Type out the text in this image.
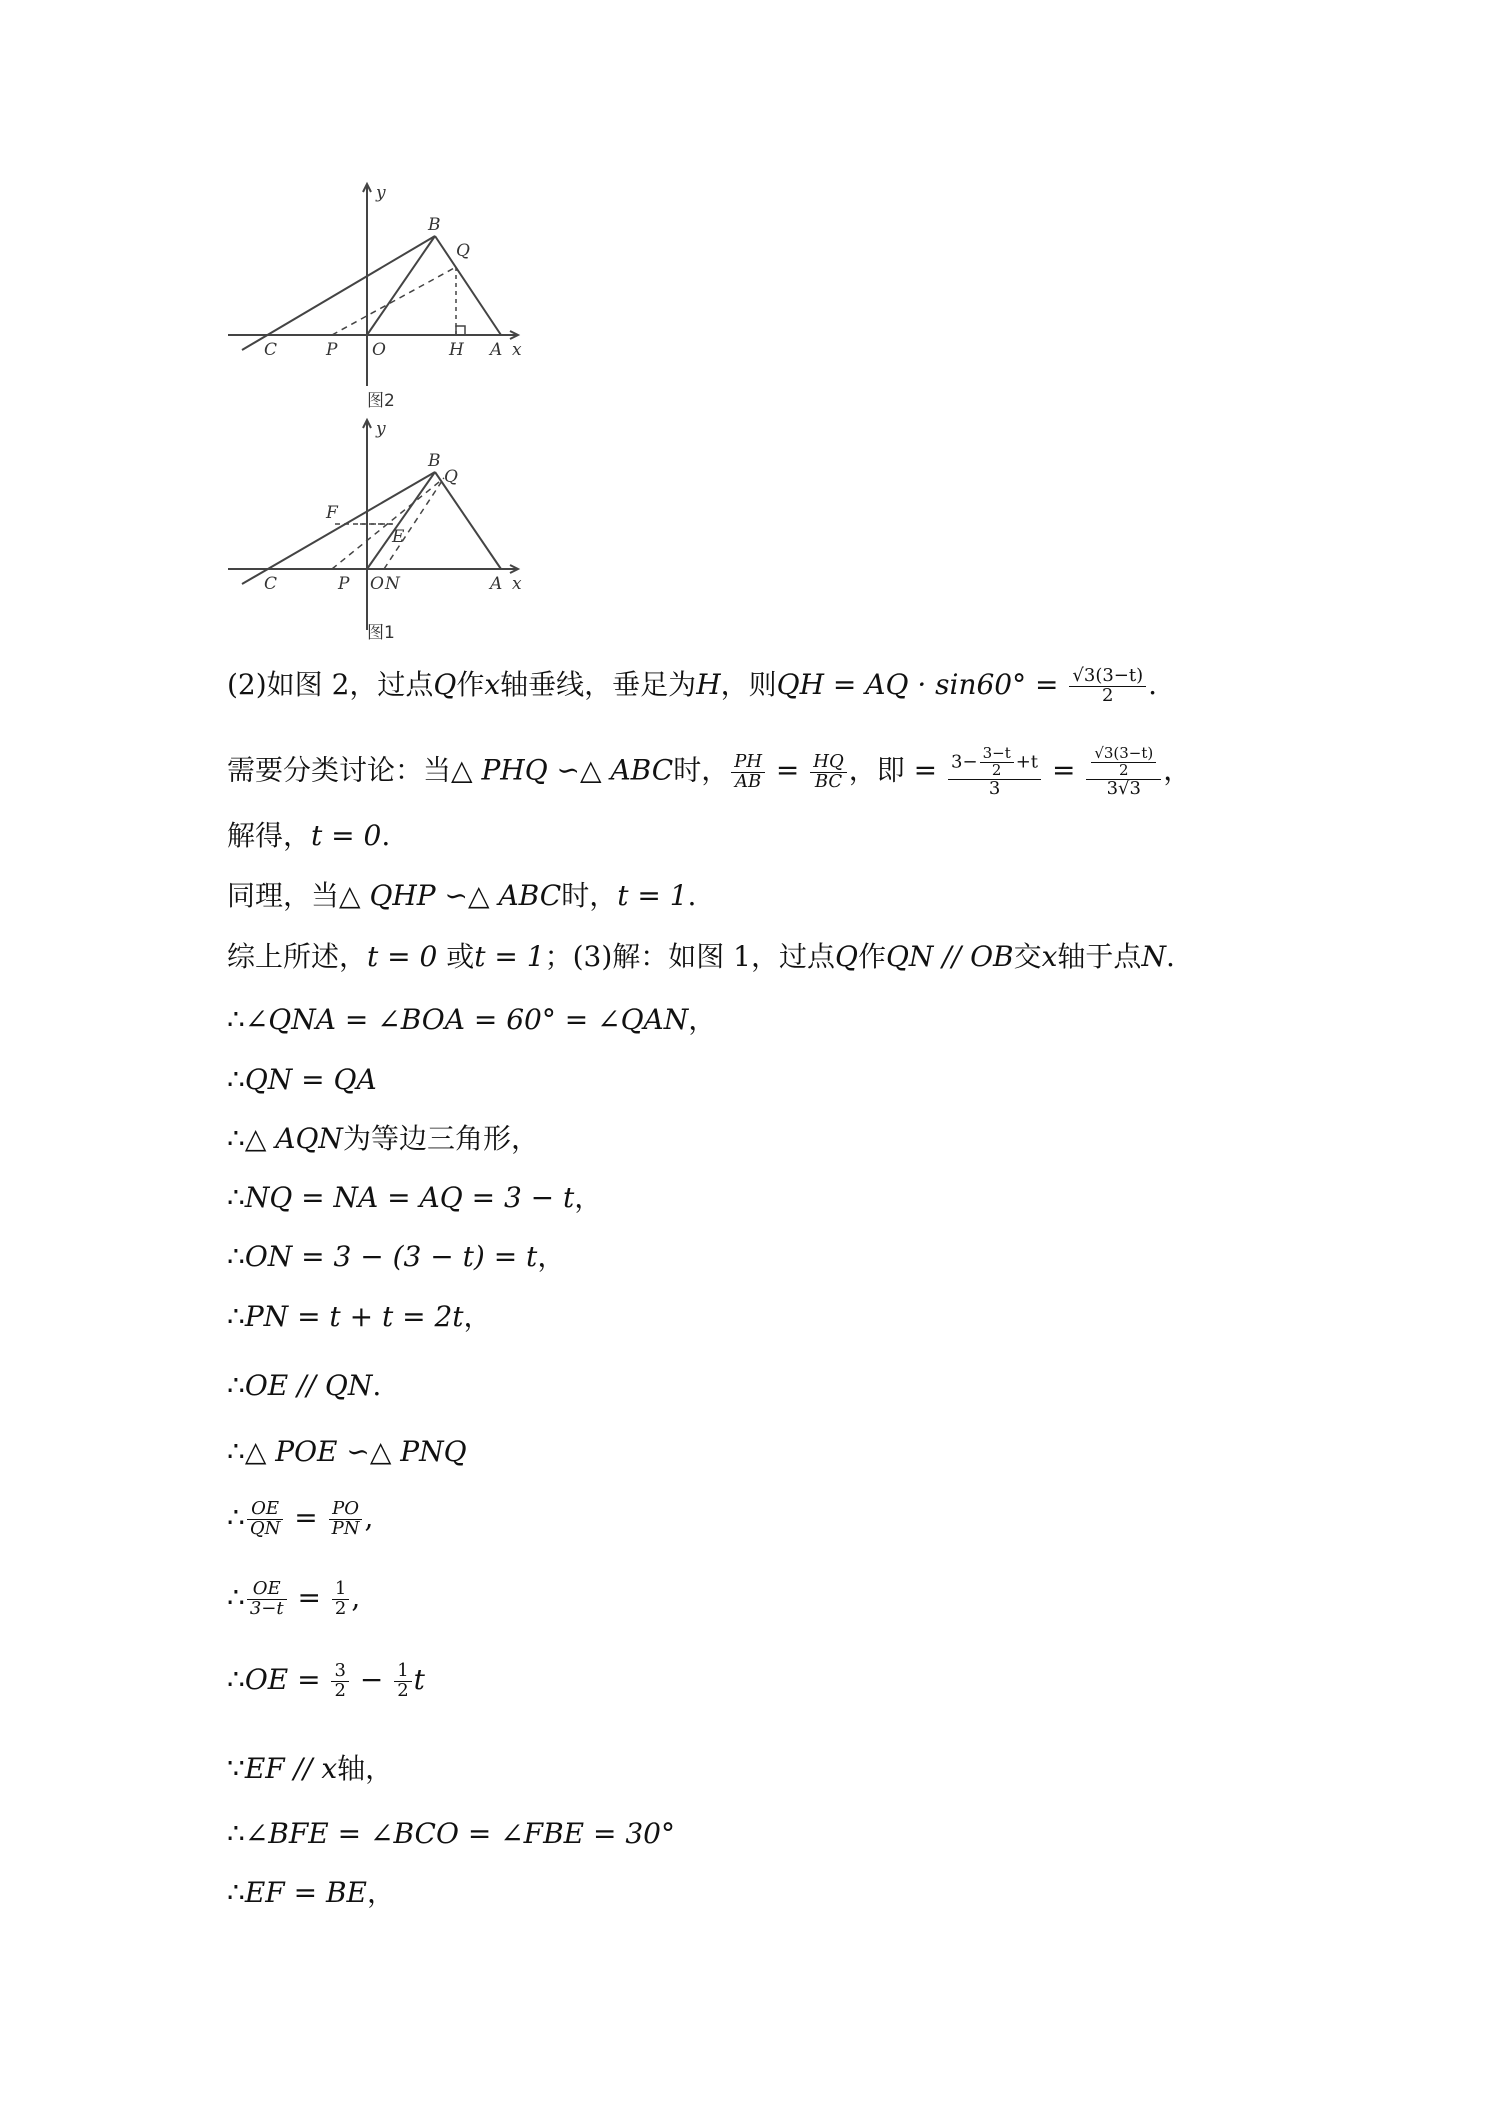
y
B
Q
C	P O	H A x
图2
y
B
Q
F
E
C	P O N	A x
图1
(2)如图 2，过点Q作x轴垂线，垂足为H，则QH = AQ · $\sin 60^\circ = \frac{√3(3-t)}{2}$ .
需要分类讨论：当△ PHQ ∽△ ABC时， $\frac{PH}{AB} = \frac{HQ}{BC}$ ，即 = $\frac{3- \frac{3-t}{2} +t}{3} = \frac{\frac{√3(3-t)}{2}}{3√3}$ ，
解得，t = 0.
同理，当△ QHP ∽△ ABC时，t = 1.
综上所述，t = 0 或t = 1；(3)解：如图 1，过点Q作QN // OB交x轴于点N.
∴∠QNA = ∠BOA = 60° = ∠QAN，
∴QN = QA
∴△ AQN为等边三角形，
∴NQ = NA = AQ = 3 − t，
∴ON = 3 − (3 − t) = t，
∴PN = t + t = 2t，
∴OE // QN.
∴△ POE ∽△ PNQ
∴ $\frac{OE}{QN} = \frac{PO}{PN}$ ,
∴ $\frac{OE}{3-t} = \frac{1}{2}$ ,
∴OE = $\frac{3}{2} - \frac{1}{2}$ t
∵EF // x轴，
∴∠BFE = ∠BCO = ∠FBE = 30°
∴EF = BE，
